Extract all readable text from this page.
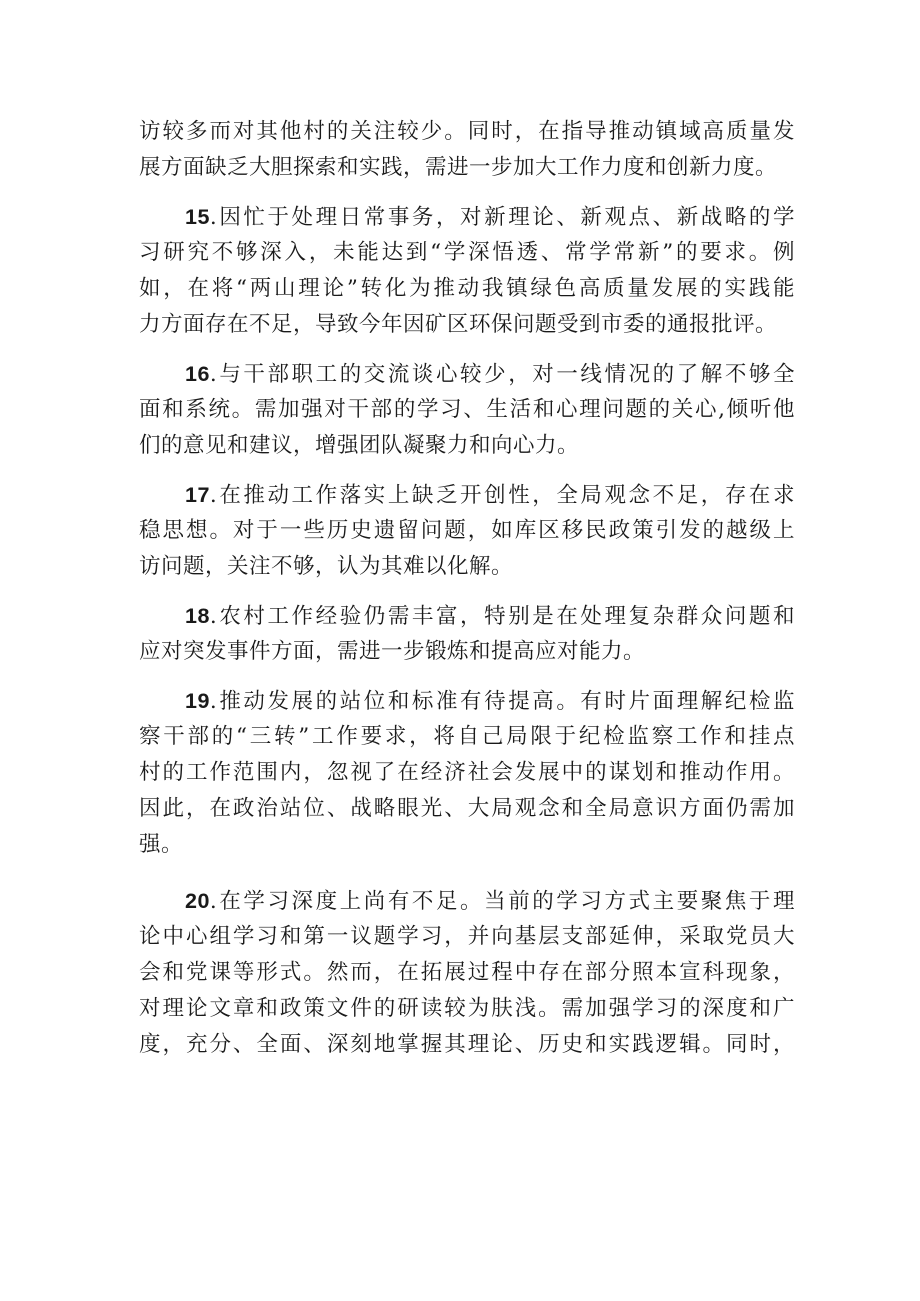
访较多而对其他村的关注较少。同时，在指导推动镇域高质量发
展方面缺乏大胆探索和实践，需进一步加大工作力度和创新力度。
15.因忙于处理日常事务，对新理论、新观点、新战略的学
习研究不够深入，未能达到“学深悟透、常学常新”的要求。例
如，在将“两山理论”转化为推动我镇绿色高质量发展的实践能
力方面存在不足，导致今年因矿区环保问题受到市委的通报批评。
16.与干部职工的交流谈心较少，对一线情况的了解不够全
面和系统。需加强对干部的学习、生活和心理问题的关心,倾听他
们的意见和建议，增强团队凝聚力和向心力。
17.在推动工作落实上缺乏开创性，全局观念不足，存在求
稳思想。对于一些历史遗留问题，如库区移民政策引发的越级上
访问题，关注不够，认为其难以化解。
18.农村工作经验仍需丰富，特别是在处理复杂群众问题和
应对突发事件方面，需进一步锻炼和提高应对能力。
19.推动发展的站位和标准有待提高。有时片面理解纪检监
察干部的“三转”工作要求，将自己局限于纪检监察工作和挂点
村的工作范围内，忽视了在经济社会发展中的谋划和推动作用。
因此，在政治站位、战略眼光、大局观念和全局意识方面仍需加
强。
20.在学习深度上尚有不足。当前的学习方式主要聚焦于理
论中心组学习和第一议题学习，并向基层支部延伸，采取党员大
会和党课等形式。然而，在拓展过程中存在部分照本宣科现象，
对理论文章和政策文件的研读较为肤浅。需加强学习的深度和广
度，充分、全面、深刻地掌握其理论、历史和实践逻辑。同时，
